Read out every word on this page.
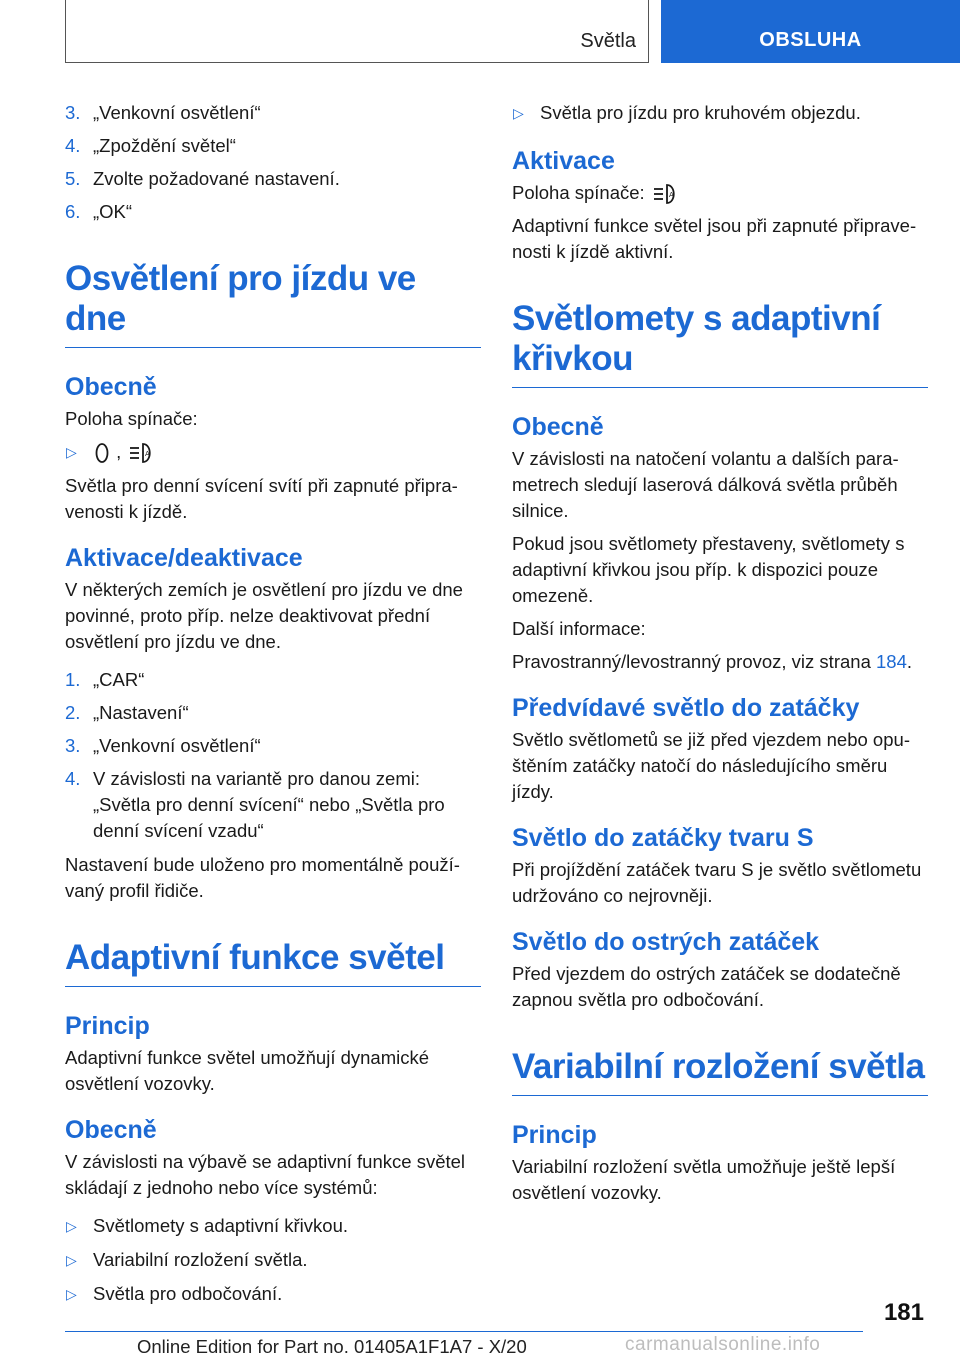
Světla	OBSLUHA
3. „Venkovní osvětlení“
4. „Zpoždění světel“
5. Zvolte požadované nastavení.
6. „OK“
Osvětlení pro jízdu ve dne
Obecně

Poloha spínače:

▷ ,	A

Světla pro denní svícení svítí při zapnuté připravenosti k jízdě.

Aktivace/deaktivace

V některých zemích je osvětlení pro jízdu ve dne povinné, proto příp. nelze deaktivovat přední osvětlení pro jízdu ve dne.

1. „CAR“
2. „Nastavení“
3. „Venkovní osvětlení“
4. V závislosti na variantě pro danou zemi: „Světla pro denní svícení“ nebo „Světla pro denní svícení vzadu“

Nastavení bude uloženo pro momentálně používaný profil řidiče.

Adaptivní funkce světel
Princip

Adaptivní funkce světel umožňují dynamické osvětlení vozovky.

Obecně

V závislosti na výbavě se adaptivní funkce světel skládají z jednoho nebo více systémů:

▷ Světlomety s adaptivní křivkou.
▷ Variabilní rozložení světla.
▷ Světla pro odbočování.
▷ Světla pro jízdu pro kruhovém objezdu.
Aktivace

Poloha spínače:	A

Adaptivní funkce světel jsou při zapnuté připravenosti k jízdě aktivní.

Světlomety s adaptivní křivkou
Obecně

V závislosti na natočení volantu a dalších parametrech sledují laserová dálková světla průběh silnice.

Pokud jsou světlomety přestaveny, světlomety s adaptivní křivkou jsou příp. k dispozici pouze omezeně.

Další informace:

Pravostranný/levostranný provoz, viz strana 184.

Předvídavé světlo do zatáčky

Světlo světlometů se již před vjezdem nebo opuštěním zatáčky natočí do následujícího směru jízdy.

Světlo do zatáčky tvaru S

Při projíždění zatáček tvaru S je světlo světlometu udržováno co nejrovněji.

Světlo do ostrých zatáček

Před vjezdem do ostrých zatáček se dodatečně zapnou světla pro odbočování.

Variabilní rozložení světla
Princip

Variabilní rozložení světla umožňuje ještě lepší osvětlení vozovky.

181
Online Edition for Part no. 01405A1F1A7 - X/20	carmanualsonline.info
